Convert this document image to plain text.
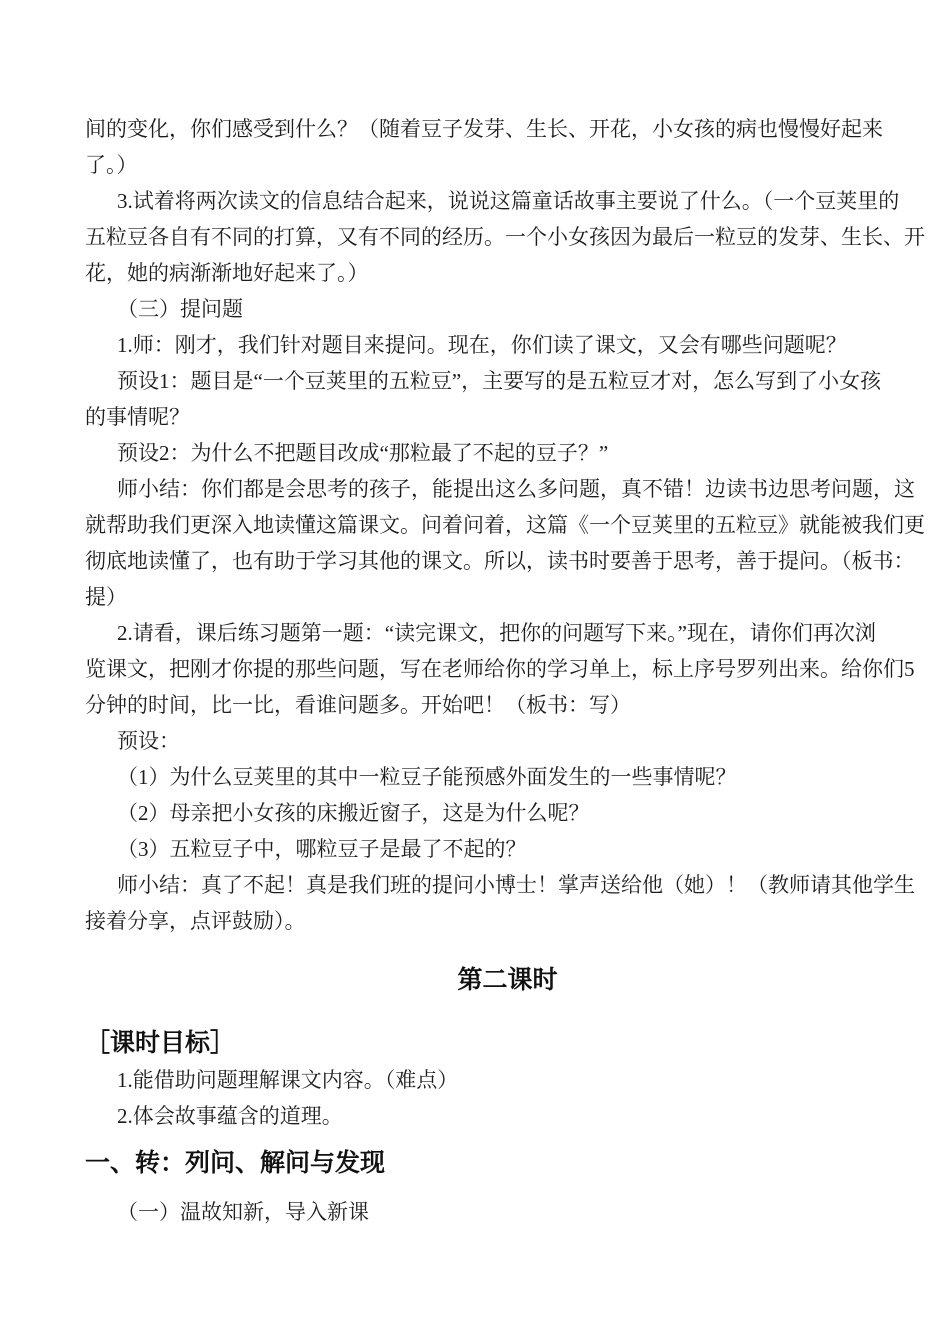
间的变化，你们感受到什么？（随着豆子发芽、生长、开花，小女孩的病也慢慢好起来
了。）
3.试着将两次读文的信息结合起来，说说这篇童话故事主要说了什么。（一个豆荚里的
五粒豆各自有不同的打算，又有不同的经历。一个小女孩因为最后一粒豆的发芽、生长、开
花，她的病渐渐地好起来了。）
（三）提问题
1.师：刚才，我们针对题目来提问。现在，你们读了课文，又会有哪些问题呢？
预设1：题目是“一个豆荚里的五粒豆”，主要写的是五粒豆才对，怎么写到了小女孩
的事情呢？
预设2：为什么不把题目改成“那粒最了不起的豆子？”
师小结：你们都是会思考的孩子，能提出这么多问题，真不错！边读书边思考问题，这
就帮助我们更深入地读懂这篇课文。问着问着，这篇《一个豆荚里的五粒豆》就能被我们更
彻底地读懂了，也有助于学习其他的课文。所以，读书时要善于思考，善于提问。（板书：
提）
2.请看，课后练习题第一题：“读完课文，把你的问题写下来。”现在，请你们再次浏
览课文，把刚才你提的那些问题，写在老师给你的学习单上，标上序号罗列出来。给你们5
分钟的时间，比一比，看谁问题多。开始吧！（板书：写）
预设：
（1）为什么豆荚里的其中一粒豆子能预感外面发生的一些事情呢？
（2）母亲把小女孩的床搬近窗子，这是为什么呢？
（3）五粒豆子中，哪粒豆子是最了不起的？
师小结：真了不起！真是我们班的提问小博士！掌声送给他（她）！（教师请其他学生
接着分享，点评鼓励）。
第二课时
［课时目标］
1.能借助问题理解课文内容。（难点）
2.体会故事蕴含的道理。
一、转：列问、解问与发现
（一）温故知新，导入新课
